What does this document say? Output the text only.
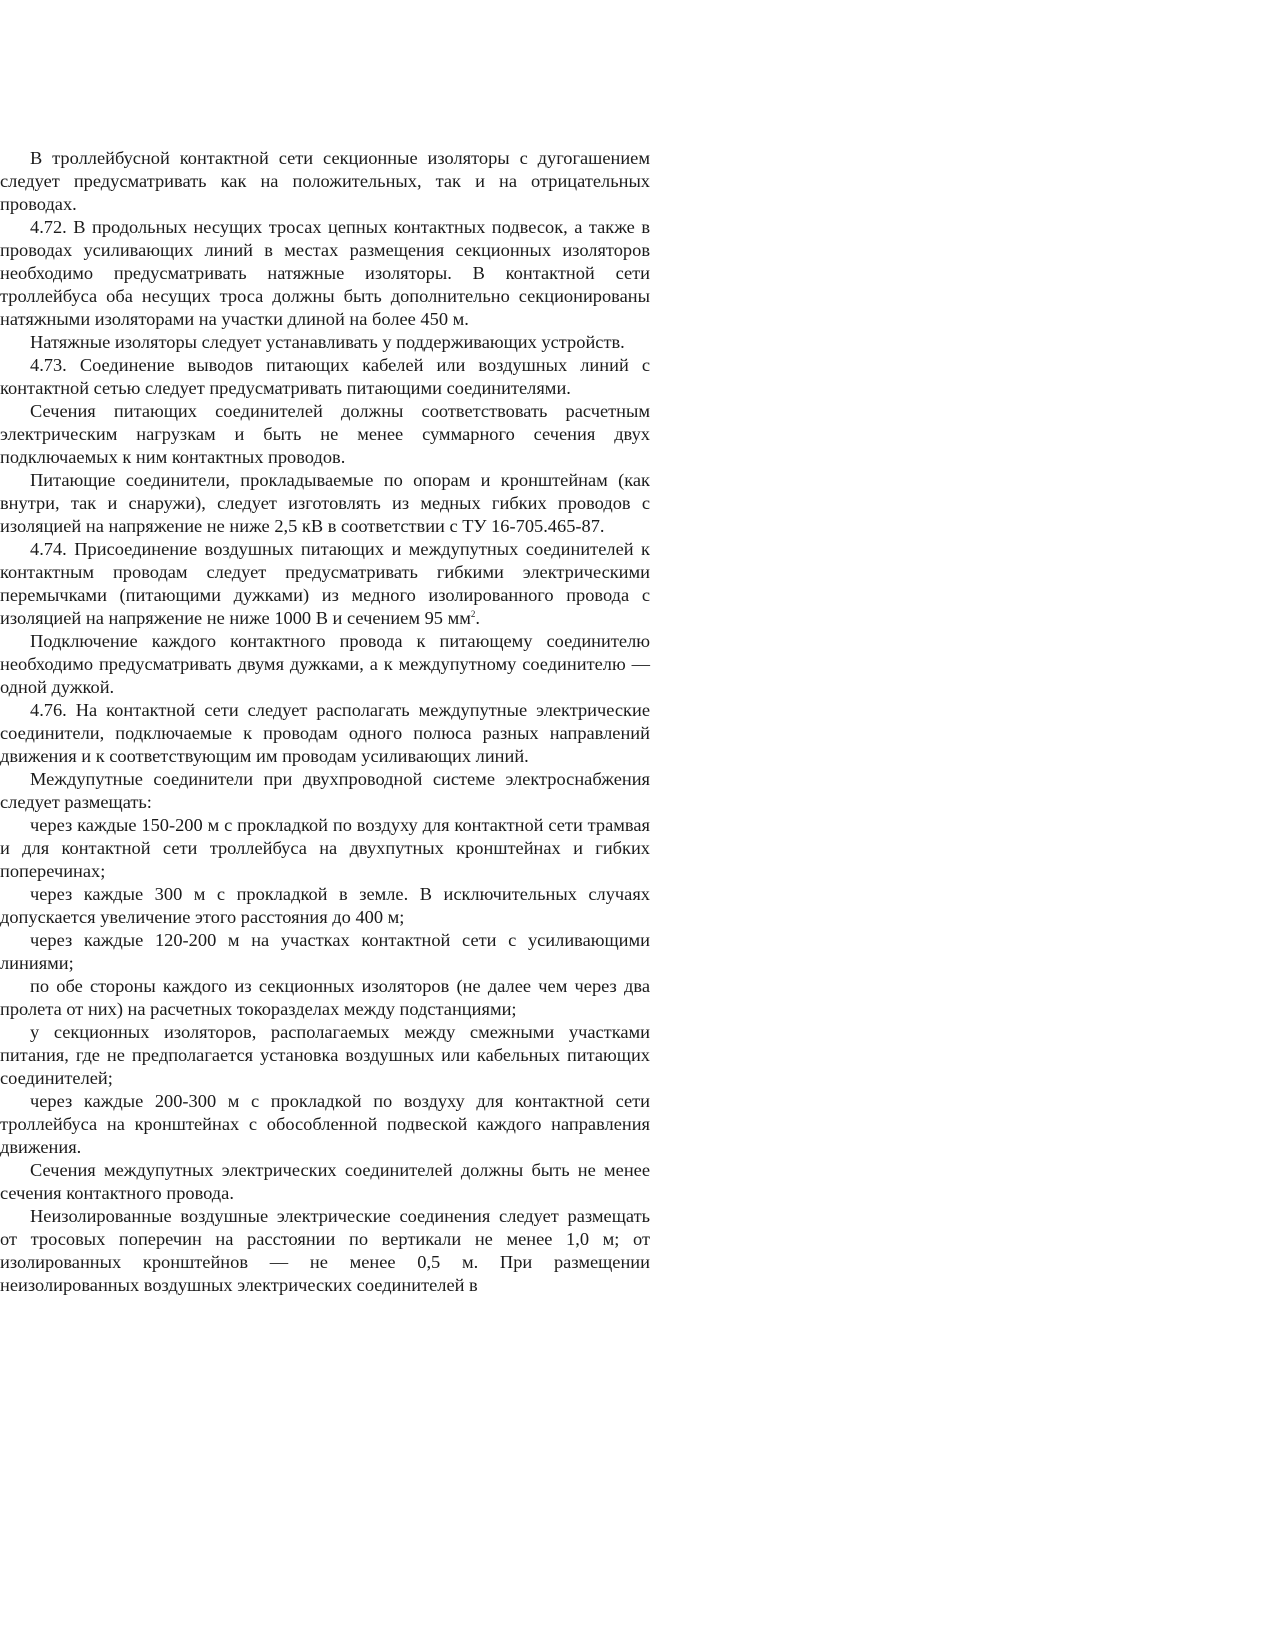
В троллейбусной контактной сети секционные изоляторы с дугогашением следует предусматривать как на положительных, так и на отрицательных проводах.

4.72. В продольных несущих тросах цепных контактных подвесок, а также в проводах усиливающих линий в местах размещения секционных изоляторов необходимо предусматривать натяжные изоляторы. В контактной сети троллейбуса оба несущих троса должны быть дополнительно секционированы натяжными изоляторами на участки длиной на более 450 м.

Натяжные изоляторы следует устанавливать у поддерживающих устройств.

4.73. Соединение выводов питающих кабелей или воздушных линий с контактной сетью следует предусматривать питающими соединителями.

Сечения питающих соединителей должны соответствовать расчетным электрическим нагрузкам и быть не менее суммарного сечения двух подключаемых к ним контактных проводов.

Питающие соединители, прокладываемые по опорам и кронштейнам (как внутри, так и снаружи), следует изготовлять из медных гибких проводов с изоляцией на напряжение не ниже 2,5 кВ в соответствии с ТУ 16-705.465-87.

4.74. Присоединение воздушных питающих и междупутных соединителей к контактным проводам следует предусматривать гибкими электрическими перемычками (питающими дужками) из медного изолированного провода с изоляцией на напряжение не ниже 1000 В и сечением 95 $мм^2$.

Подключение каждого контактного провода к питающему соединителю необходимо предусматривать двумя дужками, а к междупутному соединителю — одной дужкой.

4.76. На контактной сети следует располагать междупутные электрические соединители, подключаемые к проводам одного полюса разных направлений движения и к соответствующим им проводам усиливающих линий.

Междупутные соединители при двухпроводной системе электроснабжения следует размещать:

через каждые 150-200 м с прокладкой по воздуху для контактной сети трамвая и для контактной сети троллейбуса на двухпутных кронштейнах и гибких поперечинах;

через каждые 300 м с прокладкой в земле. В исключительных случаях допускается увеличение этого расстояния до 400 м;

через каждые 120-200 м на участках контактной сети с усиливающими линиями;

по обе стороны каждого из секционных изоляторов (не далее чем через два пролета от них) на расчетных токоразделах между подстанциями;

у секционных изоляторов, располагаемых между смежными участками питания, где не предполагается установка воздушных или кабельных питающих соединителей;

через каждые 200-300 м с прокладкой по воздуху для контактной сети троллейбуса на кронштейнах с обособленной подвеской каждого направления движения.

Сечения междупутных электрических соединителей должны быть не менее сечения контактного провода.

Неизолированные воздушные электрические соединения следует размещать от тросовых поперечин на расстоянии по вертикали не менее 1,0 м; от изолированных кронштейнов — не менее 0,5 м. При размещении неизолированных воздушных электрических соединителей в
